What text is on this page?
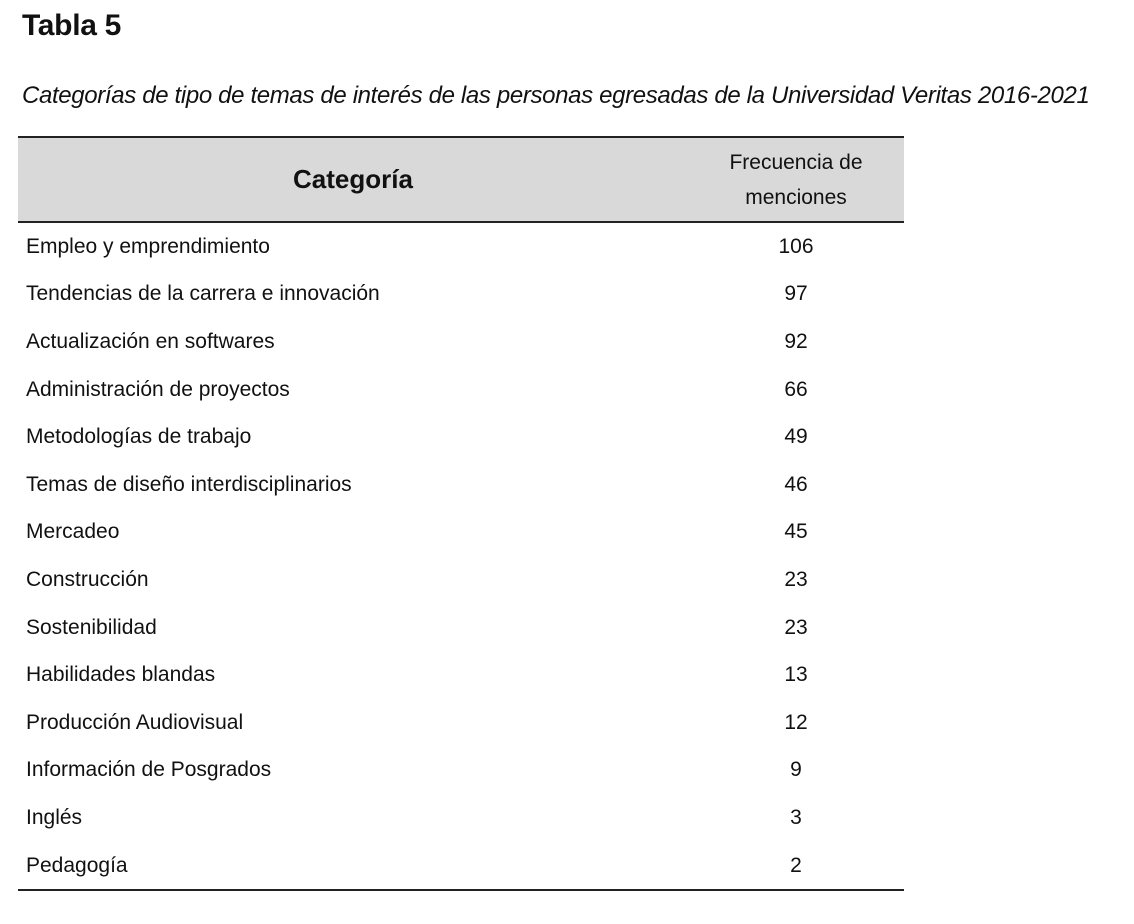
Tabla 5

Categorías de tipo de temas de interés de las personas egresadas de la Universidad Veritas 2016-2021

Categoría	Frecuencia de
menciones
Empleo y emprendimiento	106
Tendencias de la carrera e innovación	97
Actualización en softwares	92
Administración de proyectos	66
Metodologías de trabajo	49
Temas de diseño interdisciplinarios	46
Mercadeo	45
Construcción	23
Sostenibilidad	23
Habilidades blandas	13
Producción Audiovisual	12
Información de Posgrados	9
Inglés	3
Pedagogía	2
